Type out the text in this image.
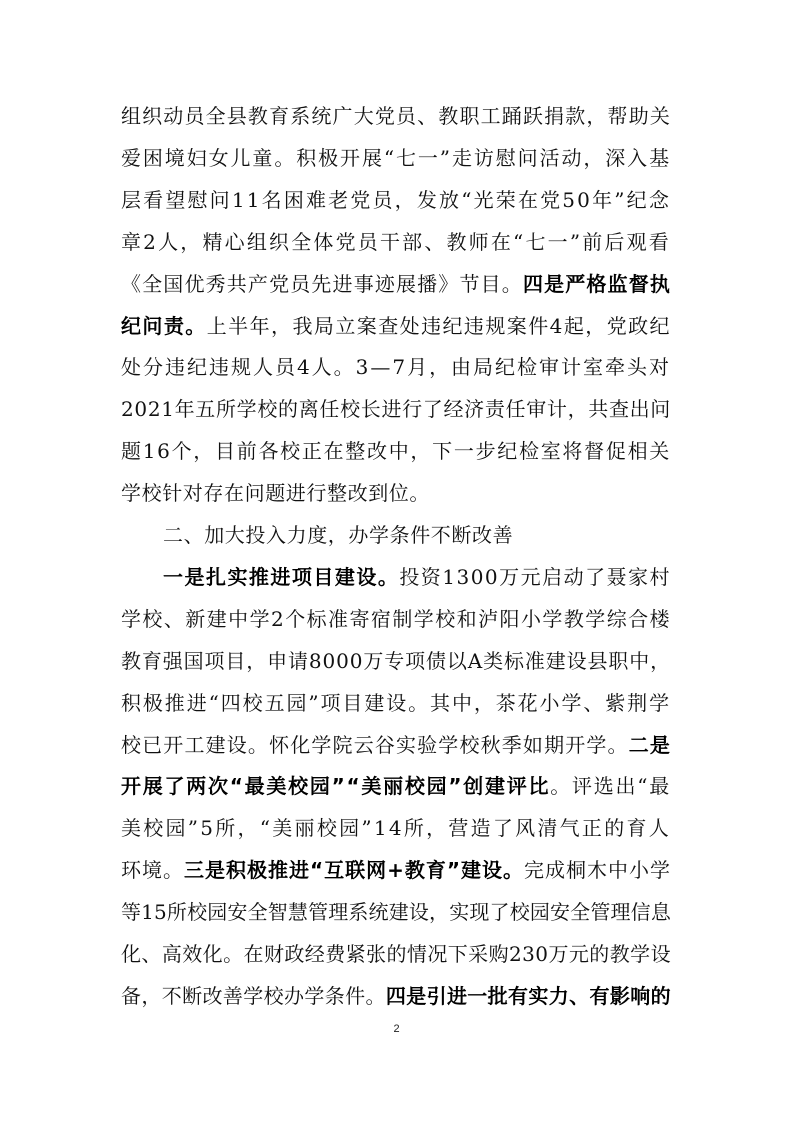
组织动员全县教育系统广大党员、教职工踊跃捐款，帮助关
爱困境妇女儿童。积极开展“七一”走访慰问活动，深入基
层看望慰问11名困难老党员，发放“光荣在党50年”纪念
章2人，精心组织全体党员干部、教师在“七一”前后观看
《全国优秀共产党员先进事迹展播》节目。四是严格监督执
纪问责。上半年，我局立案查处违纪违规案件4起，党政纪
处分违纪违规人员4人。3—7月，由局纪检审计室牵头对
2021年五所学校的离任校长进行了经济责任审计，共查出问
题16个，目前各校正在整改中，下一步纪检室将督促相关
学校针对存在问题进行整改到位。
二、加大投入力度，办学条件不断改善
一是扎实推进项目建设。投资1300万元启动了聂家村
学校、新建中学2个标准寄宿制学校和泸阳小学教学综合楼
教育强国项目，申请8000万专项债以A类标准建设县职中，
积极推进“四校五园”项目建设。其中，茶花小学、紫荆学
校已开工建设。怀化学院云谷实验学校秋季如期开学。二是
开展了两次“最美校园”“美丽校园”创建评比。评选出“最
美校园”5所，“美丽校园”14所，营造了风清气正的育人
环境。三是积极推进“互联网+教育”建设。完成桐木中小学
等15所校园安全智慧管理系统建设，实现了校园安全管理信息
化、高效化。在财政经费紧张的情况下采购230万元的教学设
备，不断改善学校办学条件。四是引进一批有实力、有影响的
2
